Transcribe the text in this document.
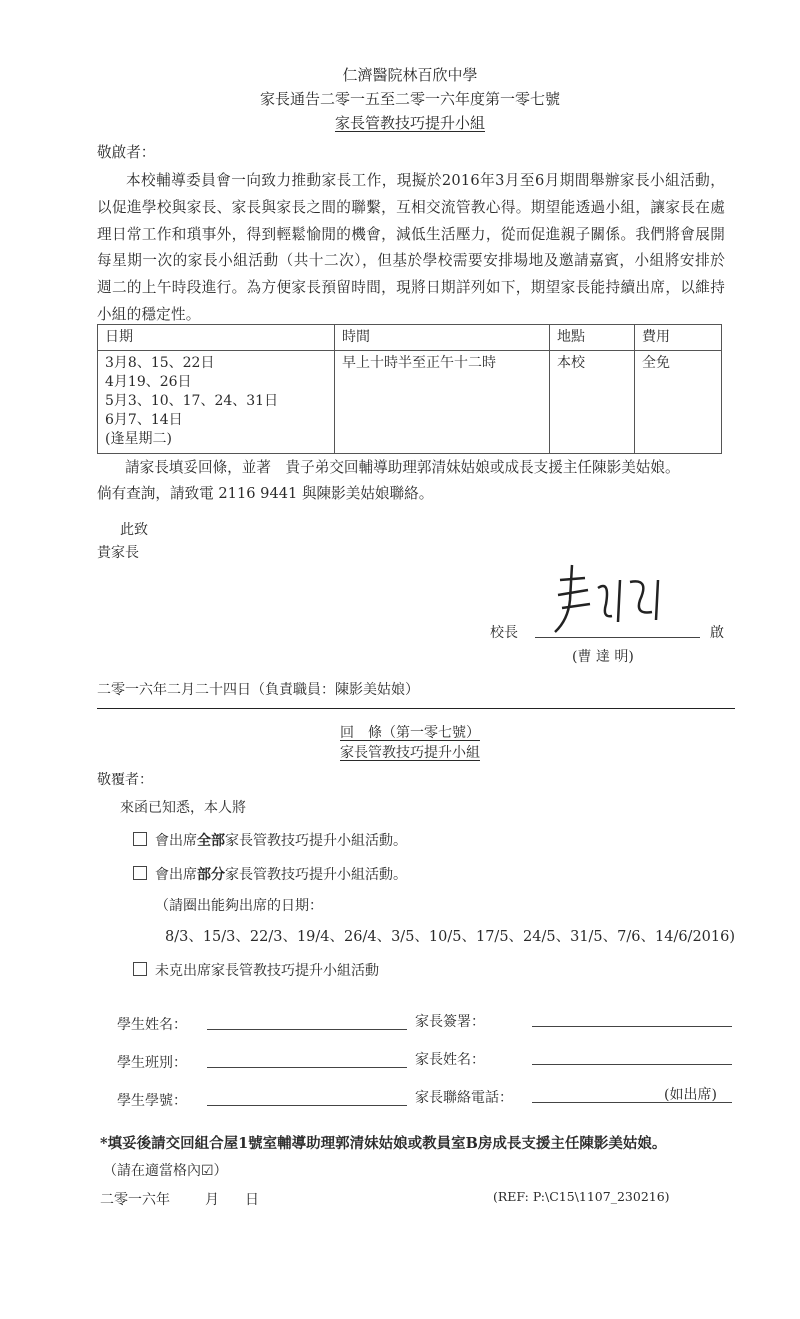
仁濟醫院林百欣中學
家長通告二零一五至二零一六年度第一零七號
家長管教技巧提升小組
敬啟者：
本校輔導委員會一向致力推動家長工作，現擬於2016年3月至6月期間舉辦家長小組活動，以促進學校與家長、家長與家長之間的聯繫，互相交流管教心得。期望能透過小組，讓家長在處理日常工作和瑣事外，得到輕鬆愉閒的機會，減低生活壓力，從而促進親子關係。我們將會展開每星期一次的家長小組活動（共十二次），但基於學校需要安排場地及邀請嘉賓，小組將安排於週二的上午時段進行。為方便家長預留時間，現將日期詳列如下，期望家長能持續出席，以維持小組的穩定性。
日期	時間	地點	費用

3月8、15、22日
4月19、26日
5月3、10、17、24、31日
6月7、14日
(逢星期二)	早上十時半至正午十二時	本校	全免
請家長填妥回條，並著　貴子弟交回輔導助理郭清妹姑娘或成長支援主任陳影美姑娘。
倘有查詢，請致電 2116 9441 與陳影美姑娘聯絡。
此致
貴家長
校長	啟
(曹 達 明)
二零一六年二月二十四日（負責職員：陳影美姑娘）
回　條（第一零七號）
家長管教技巧提升小組
敬覆者：
來函已知悉，本人將
會出席全部家長管教技巧提升小組活動。
會出席部分家長管教技巧提升小組活動。
（請圈出能夠出席的日期：
8/3、15/3、22/3、19/4、26/4、3/5、10/5、17/5、24/5、31/5、7/6、14/6/2016)
未克出席家長管教技巧提升小組活動
學生姓名：	家長簽署：
學生班別：	家長姓名：
學生學號：	家長聯絡電話：	(如出席)
*填妥後請交回組合屋1號室輔導助理郭清妹姑娘或教員室B房成長支援主任陳影美姑娘。
（請在適當格內☑）
二零一六年	月 日	(REF: P:\C15\1107_230216)
